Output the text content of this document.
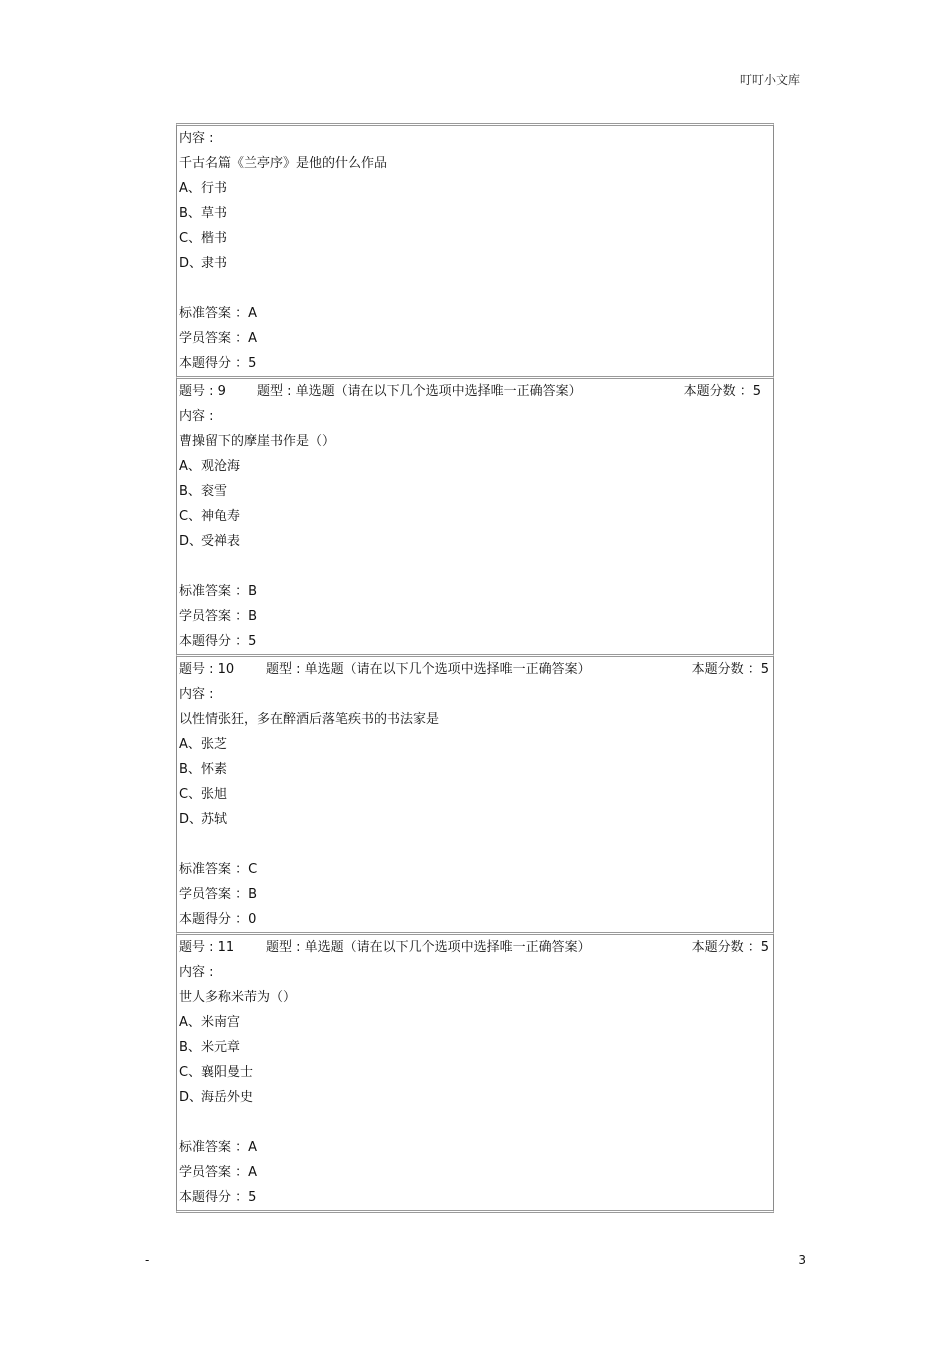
叮叮小文库
内容 :
千古名篇《兰亭序》是他的什么作品
A、行书
B、草书
C、楷书
D、隶书
标准答案 ：A
学员答案 ：A
本题得分 ：5
题号 : 9 题型 : 单选题（请在以下几个选项中选择唯一正确答案）	本题分数 ：5
内容 :
曹操留下的摩崖书作是（）
A、观沧海
B、衮雪
C、神龟寿
D、受禅表
标准答案 ：B
学员答案 ：B
本题得分 ：5
题号 : 10 题型 : 单选题（请在以下几个选项中选择唯一正确答案）	本题分数 ：5
内容 :
以性情张狂，多在醉酒后落笔疾书的书法家是
A、张芝
B、怀素
C、张旭
D、苏轼
标准答案 ：C
学员答案 ：B
本题得分 ：0
题号 : 11 题型 : 单选题（请在以下几个选项中选择唯一正确答案）	本题分数 ：5
内容 :
世人多称米芾为（）
A、米南宫
B、米元章
C、襄阳曼士
D、海岳外史
标准答案 ：A
学员答案 ：A
本题得分 ：5
-	3
